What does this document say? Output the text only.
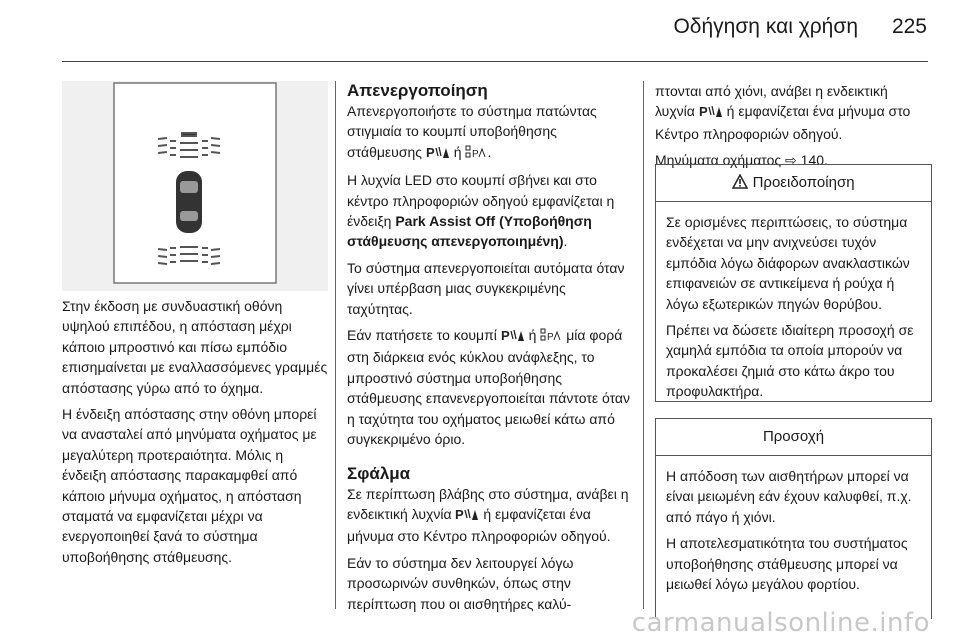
Οδήγηση και χρήση	225

Στην έκδοση με συνδυαστική οθόνη υψηλού επιπέδου, η απόσταση μέχρι κάποιο μπροστινό και πίσω εμπόδιο επισημαίνεται με εναλλασσόμενες γραμμές απόστασης γύρω από το όχημα.

Η ένδειξη απόστασης στην οθόνη μπορεί να ανασταλεί από μηνύματα οχήματος με μεγαλύτερη προτεραιότητα. Μόλις η ένδειξη απόστασης παρακαμφθεί από κάποιο μήνυμα οχήματος, η απόσταση σταματά να εμφανίζεται μέχρι να ενεργοποιηθεί ξανά το σύστημα υποβοήθησης στάθμευσης.

Απενεργοποίηση

Απενεργοποιήστε το σύστημα πατώντας στιγμιαία το κουμπί υποβοήθησης στάθμευσης P ή P .

Η λυχνία LED στο κουμπί σβήνει και στο κέντρο πληροφοριών οδηγού εμφανίζεται η ένδειξη Park Assist Off (Υποβοήθηση στάθμευσης απενεργοποιημένη).

Το σύστημα απενεργοποιείται αυτόματα όταν γίνει υπέρβαση μιας συγκεκριμένης ταχύτητας.

Εάν πατήσετε το κουμπί P ή P μία φορά στη διάρκεια ενός κύκλου ανάφλεξης, το μπροστινό σύστημα υποβοήθησης στάθμευσης επανενεργοποιείται πάντοτε όταν η ταχύτητα του οχήματος μειωθεί κάτω από συγκεκριμένο όριο.

Σφάλμα

Σε περίπτωση βλάβης στο σύστημα, ανάβει η ενδεικτική λυχνία P ή εμφανίζεται ένα μήνυμα στο Κέντρο πληροφοριών οδηγού.

Εάν το σύστημα δεν λειτουργεί λόγω προσωρινών συνθηκών, όπως στην περίπτωση που οι αισθητήρες καλύ-

πτονται από χιόνι, ανάβει η ενδεικτική λυχνία P ή εμφανίζεται ένα μήνυμα στο Κέντρο πληροφοριών οδηγού.

Μηνύματα οχήματος ⇨ 140.

Προειδοποίηση

Σε ορισμένες περιπτώσεις, το σύστημα ενδέχεται να μην ανιχνεύσει τυχόν εμπόδια λόγω διάφορων ανακλαστικών επιφανειών σε αντικείμενα ή ρούχα ή λόγω εξωτερικών πηγών θορύβου.

Πρέπει να δώσετε ιδιαίτερη προσοχή σε χαμηλά εμπόδια τα οποία μπορούν να προκαλέσει ζημιά στο κάτω άκρο του προφυλακτήρα.

Προσοχή

Η απόδοση των αισθητήρων μπορεί να είναι μειωμένη εάν έχουν καλυφθεί, π.χ. από πάγο ή χιόνι.

Η αποτελεσματικότητα του συστήματος υποβοήθησης στάθμευσης μπορεί να μειωθεί λόγω μεγάλου φορτίου.

carmanualsonline.info
